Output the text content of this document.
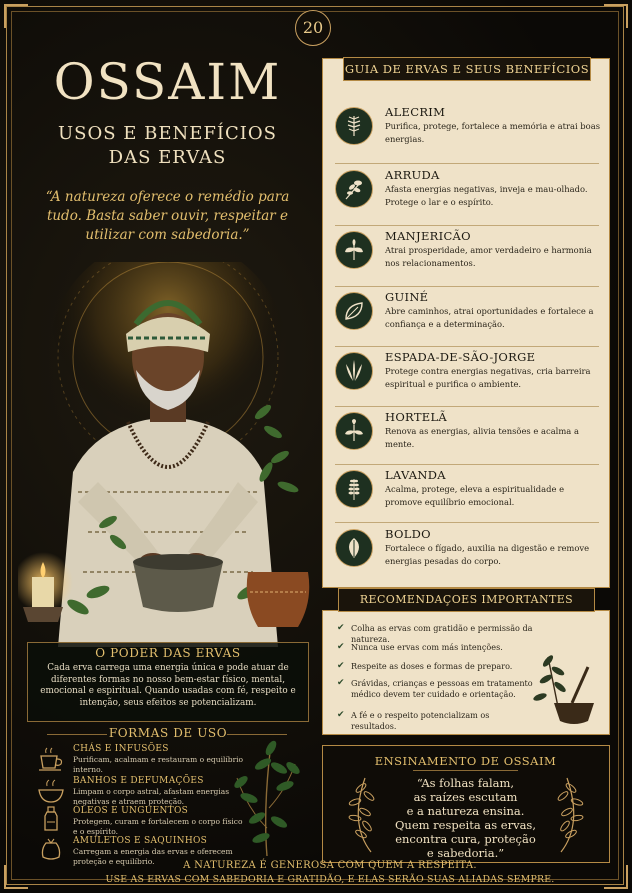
20
OSSAIM
USOS E BENEFÍCIOS
DAS ERVAS
“A natureza oferece o remédio para tudo. Basta saber ouvir, respeitar e utilizar com sabedoria.”
GUIA DE ERVAS E SEUS BENEFÍCIOS
ALECRIM
Purifica, protege, fortalece a memória e atrai boas energias.
ARRUDA
Afasta energias negativas, inveja e mau-olhado. Protege o lar e o espírito.
MANJERICÃO
Atrai prosperidade, amor verdadeiro e harmonia nos relacionamentos.
GUINÉ
Abre caminhos, atrai oportunidades e fortalece a confiança e a determinação.
ESPADA-DE-SÃO-JORGE
Protege contra energias negativas, cria barreira espiritual e purifica o ambiente.
HORTELÃ
Renova as energias, alivia tensões e acalma a mente.
LAVANDA
Acalma, protege, eleva a espiritualidade e promove equilíbrio emocional.
BOLDO
Fortalece o fígado, auxilia na digestão e remove energias pesadas do corpo.
✔ Colha as ervas com gratidão e permissão da natureza.
✔ Nunca use ervas com más intenções.
✔ Respeite as doses e formas de preparo.
✔ Grávidas, crianças e pessoas em tratamento médico devem ter cuidado e orientação.
✔ A fé e o respeito potencializam os resultados.
RECOMENDAÇOES IMPORTANTES
ENSINAMENTO DE OSSAIM
“As folhas falam,
as raízes escutam
e a natureza ensina.
Quem respeita as ervas,
encontra cura, proteção
e sabedoria.”
O PODER DAS ERVAS
Cada erva carrega uma energia única e pode atuar de diferentes formas no nosso bem-estar físico, mental, emocional e espiritual. Quando usadas com fé, respeito e intenção, seus efeitos se potencializam.
FORMAS DE USO
CHÁS E INFUSÕES
Purificam, acalmam e restauram o equilíbrio interno.
BANHOS E DEFUMAÇÕES
Limpam o corpo astral, afastam energias negativas e atraem proteção.
ÓLEOS E UNGUENTOS
Protegem, curam e fortalecem o corpo físico e o espírito.
AMULETOS E SAQUINHOS
Carregam a energia das ervas e oferecem proteção e equilíbrio.	A NATUREZA É GENEROSA COM QUEM A RESPEITA.
USE AS ERVAS COM SABEDORIA E GRATIDÃO, E ELAS SERÃO SUAS ALIADAS SEMPRE.
